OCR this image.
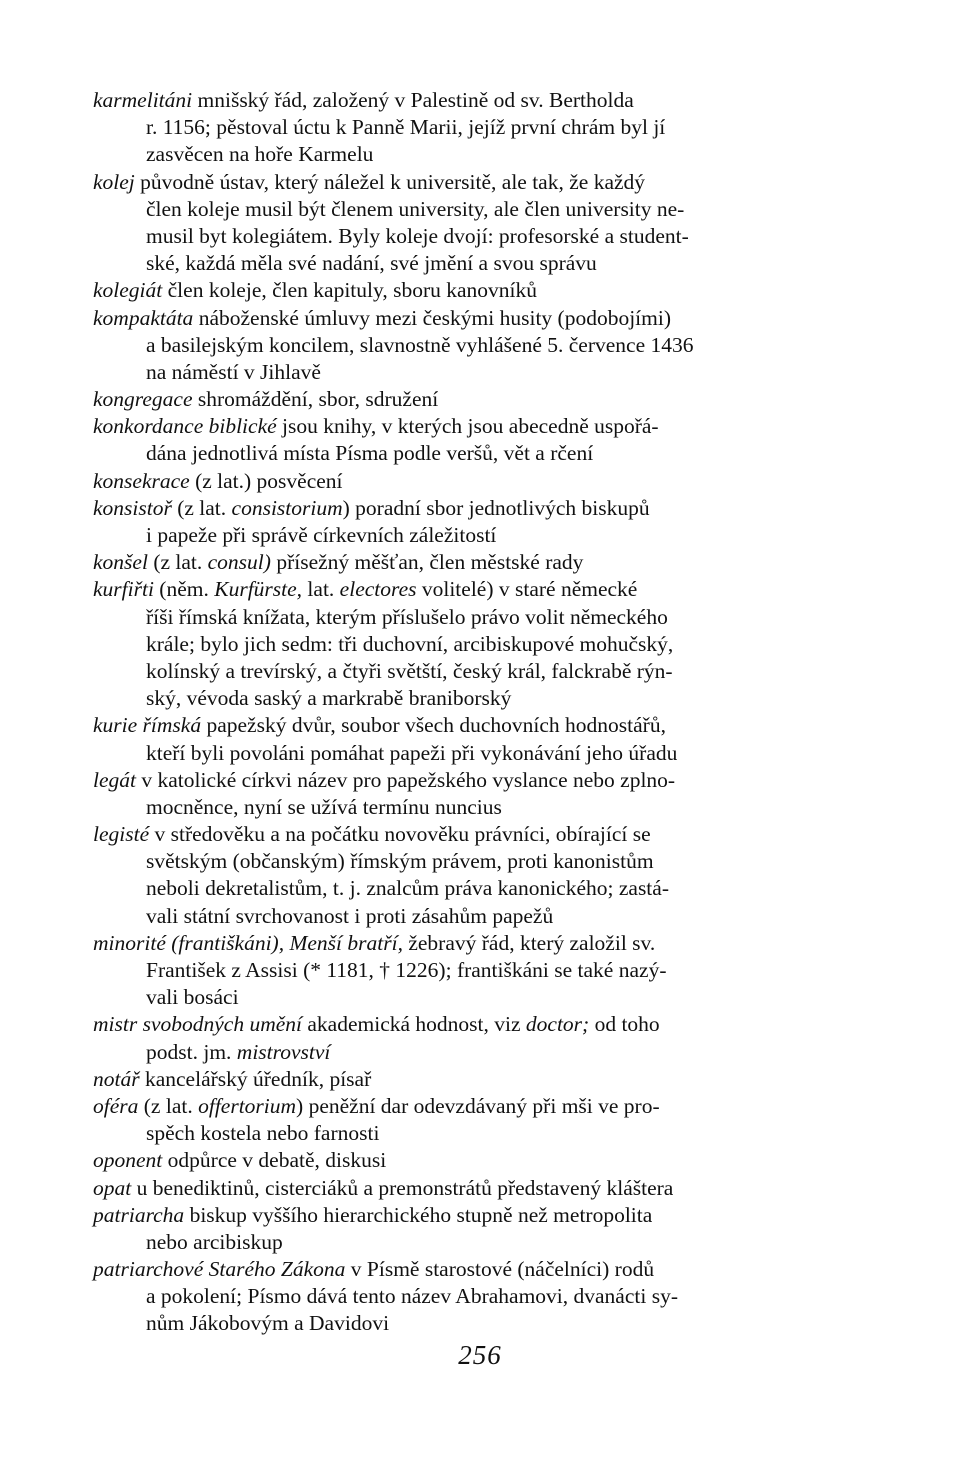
karmelitáni mnišský řád, založený v Palestině od sv. Bertholda
r. 1156; pěstoval úctu k Panně Marii, jejíž první chrám byl jí
zasvěcen na hoře Karmelu
kolej původně ústav, který náležel k universitě, ale tak, že každý
člen koleje musil být členem university, ale člen university ne-
musil byt kolegiátem. Byly koleje dvojí: profesorské a student-
ské, každá měla své nadání, své jmění a svou správu
kolegiát člen koleje, člen kapituly, sboru kanovníků
kompaktáta náboženské úmluvy mezi českými husity (podobojími)
a basilejským koncilem, slavnostně vyhlášené 5. července 1436
na náměstí v Jihlavě
kongregace shromáždění, sbor, sdružení
konkordance biblické jsou knihy, v kterých jsou abecedně uspořá-
dána jednotlivá místa Písma podle veršů, vět a rčení
konsekrace (z lat.) posvěcení
konsistoř (z lat. consistorium) poradní sbor jednotlivých biskupů
i papeže při správě církevních záležitostí
konšel (z lat. consul) přísežný měšťan, člen městské rady
kurfiřti (něm. Kurfürste, lat. electores volitelé) v staré německé
říši římská knížata, kterým příslušelo právo volit německého
krále; bylo jich sedm: tři duchovní, arcibiskupové mohučský,
kolínský a trevírský, a čtyři světští, český král, falckrabě rýn-
ský, vévoda saský a markrabě braniborský
kurie římská papežský dvůr, soubor všech duchovních hodnostářů,
kteří byli povoláni pomáhat papeži při vykonávání jeho úřadu
legát v katolické církvi název pro papežského vyslance nebo zplno-
mocněnce, nyní se užívá termínu nuncius
legisté v středověku a na počátku novověku právníci, obírající se
světským (občanským) římským právem, proti kanonistům
neboli dekretalistům, t. j. znalcům práva kanonického; zastá-
vali státní svrchovanost i proti zásahům papežů
minorité (františkáni), Menší bratří, žebravý řád, který založil sv.
František z Assisi (* 1181, † 1226); františkáni se také nazý-
vali bosáci
mistr svobodných umění akademická hodnost, viz doctor; od toho
podst. jm. mistrovství
notář kancelářský úředník, písař
oféra (z lat. offertorium) peněžní dar odevzdávaný při mši ve pro-
spěch kostela nebo farnosti
oponent odpůrce v debatě, diskusi
opat u benediktinů, cisterciáků a premonstrátů představený kláštera
patriarcha biskup vyššího hierarchického stupně než metropolita
nebo arcibiskup
patriarchové Starého Zákona v Písmě starostové (náčelníci) rodů
a pokolení; Písmo dává tento název Abrahamovi, dvanácti sy-
nům Jákobovým a Davidovi
256
